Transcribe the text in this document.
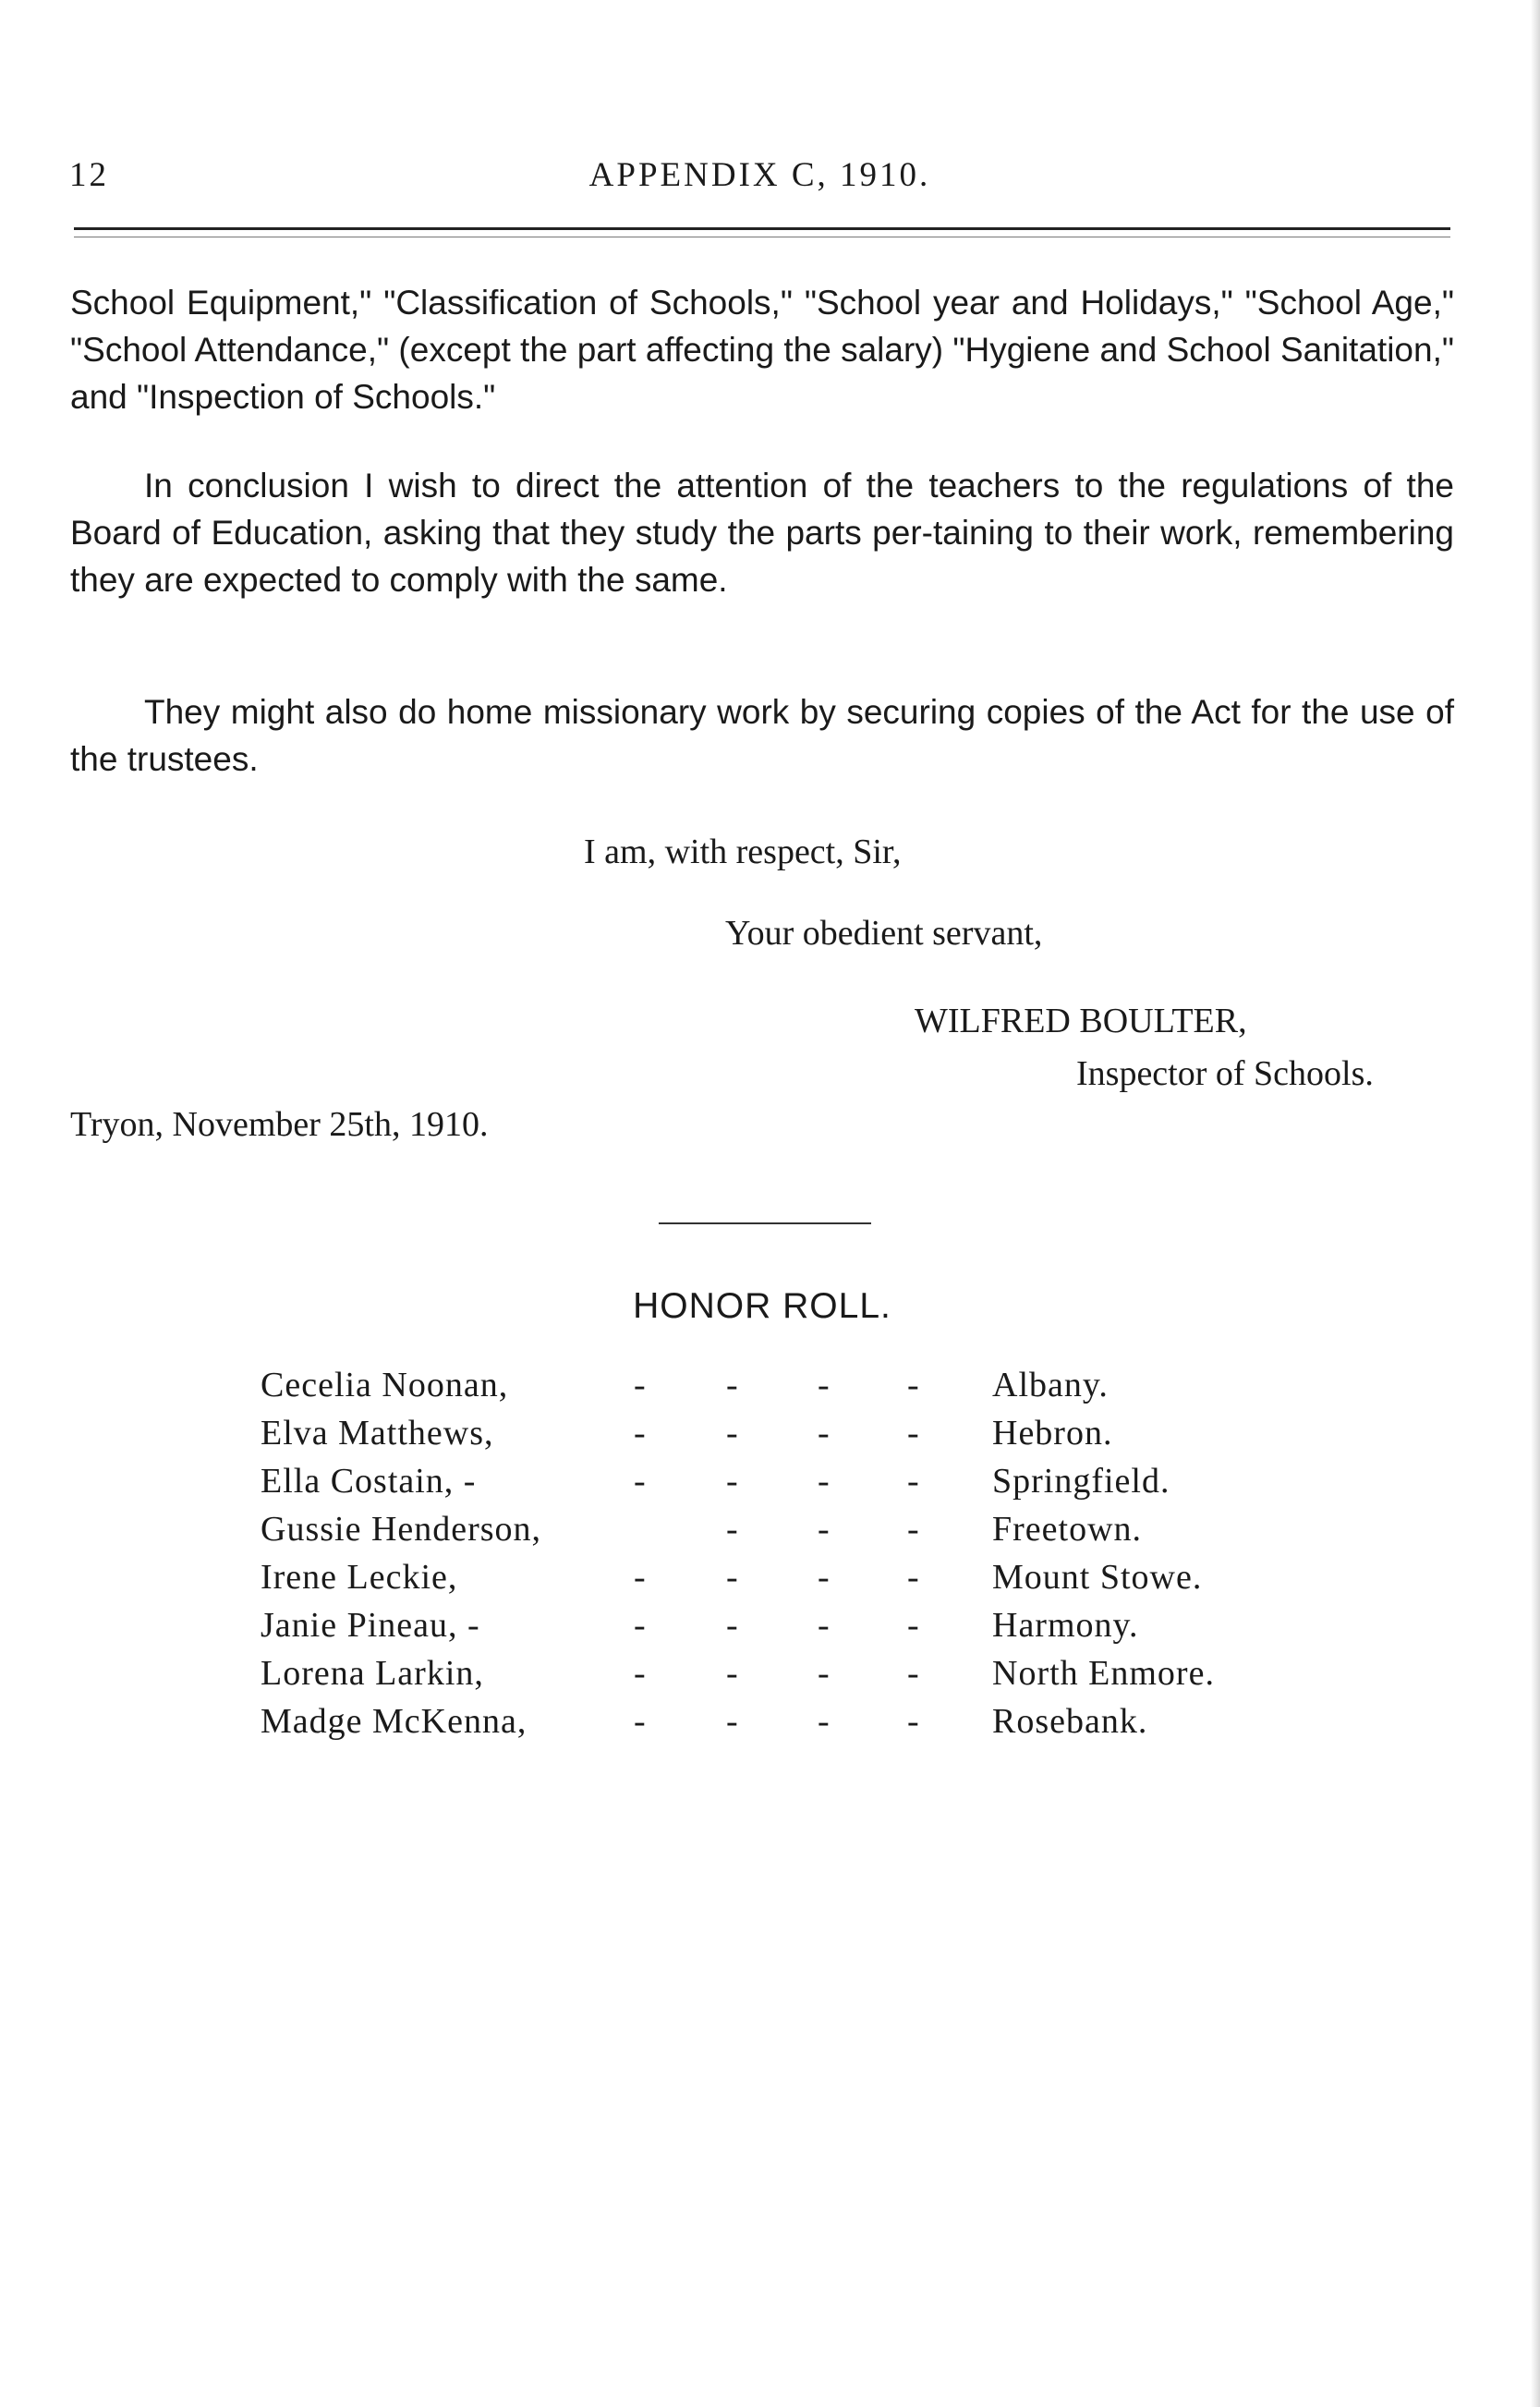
12	APPENDIX C, 1910.

School Equipment," "Classification of Schools," "School year and Holidays," "School Age," "School Attendance," (except the part affecting the salary) "Hygiene and School Sanitation," and "Inspection of Schools."

In conclusion I wish to direct the attention of the teachers to the regulations of the Board of Education, asking that they study the parts per-taining to their work, remembering they are expected to comply with the same.

They might also do home missionary work by securing copies of the Act for the use of the trustees.

I am, with respect, Sir,
Your obedient servant,
WILFRED BOULTER,
Inspector of Schools.
Tryon, November 25th, 1910.
HONOR ROLL.
Cecelia Noonan,	- - - - Albany.
Elva Matthews,	- - - - Hebron.
Ella Costain, -	- - - - Springfield.
Gussie Henderson,	- - - Freetown.
Irene Leckie,	- - - - Mount Stowe.
Janie Pineau, -	- - - - Harmony.
Lorena Larkin,	- - - - North Enmore.
Madge McKenna,	- - - - Rosebank.
